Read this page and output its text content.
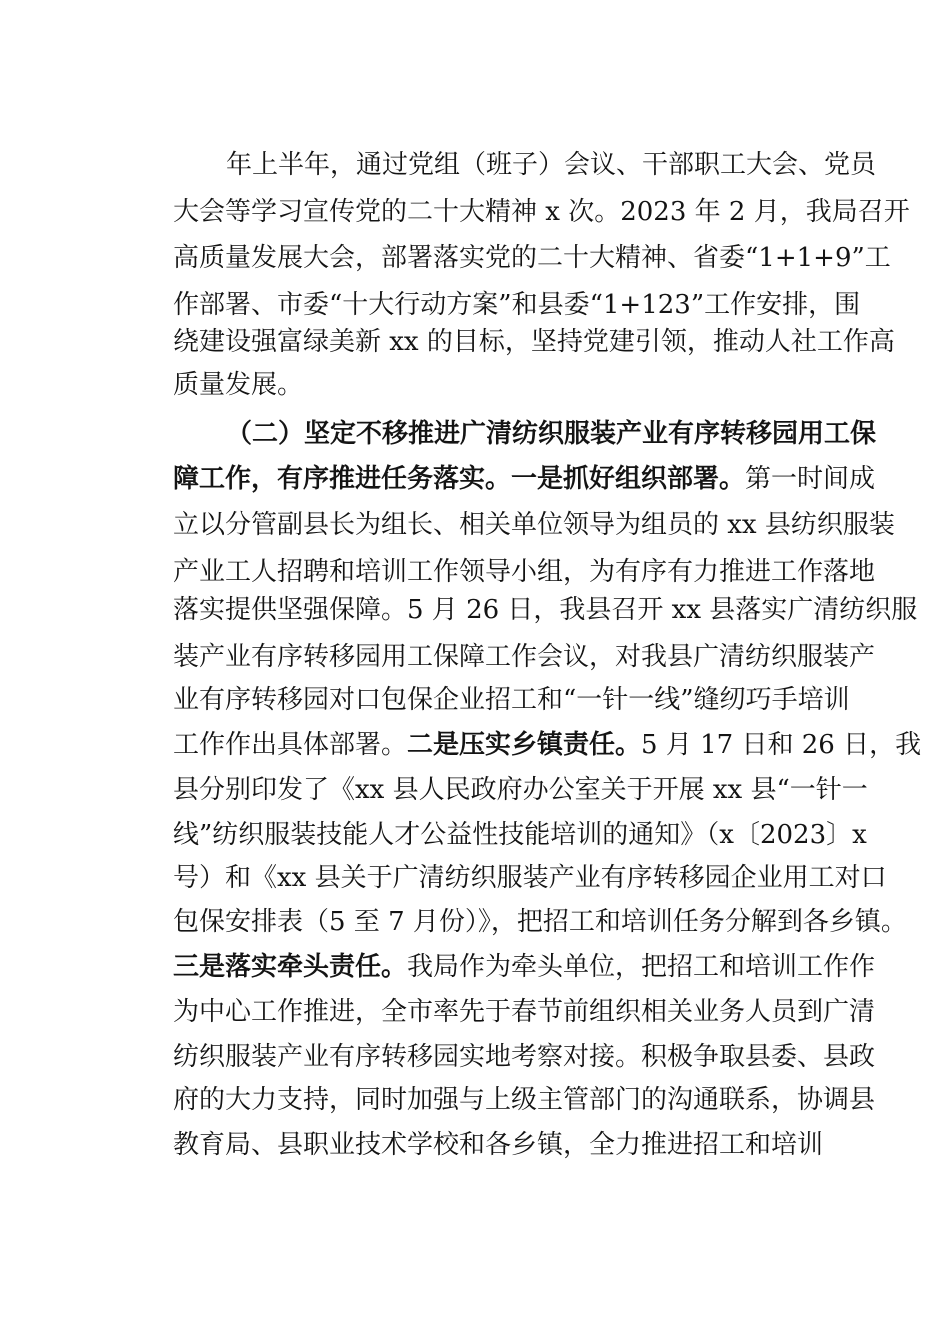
年上半年，通过党组（班子）会议、干部职工大会、党员
大会等学习宣传党的二十大精神 x 次。2023 年 2 月，我局召开
高质量发展大会，部署落实党的二十大精神、省委“1+1+9”工
作部署、市委“十大行动方案”和县委“1+123”工作安排，围
绕建设强富绿美新 xx 的目标，坚持党建引领，推动人社工作高
质量发展。
（二）坚定不移推进广清纺织服装产业有序转移园用工保
障工作，有序推进任务落实。一是抓好组织部署。第一时间成
立以分管副县长为组长、相关单位领导为组员的 xx 县纺织服装
产业工人招聘和培训工作领导小组，为有序有力推进工作落地
落实提供坚强保障。5 月 26 日，我县召开 xx 县落实广清纺织服
装产业有序转移园用工保障工作会议，对我县广清纺织服装产
业有序转移园对口包保企业招工和“一针一线”缝纫巧手培训
工作作出具体部署。二是压实乡镇责任。5 月 17 日和 26 日，我
县分别印发了《xx 县人民政府办公室关于开展 xx 县“一针一
线”纺织服装技能人才公益性技能培训的通知》（x〔2023〕x
号）和《xx 县关于广清纺织服装产业有序转移园企业用工对口
包保安排表（5 至 7 月份）》，把招工和培训任务分解到各乡镇。
三是落实牵头责任。我局作为牵头单位，把招工和培训工作作
为中心工作推进，全市率先于春节前组织相关业务人员到广清
纺织服装产业有序转移园实地考察对接。积极争取县委、县政
府的大力支持，同时加强与上级主管部门的沟通联系，协调县
教育局、县职业技术学校和各乡镇，全力推进招工和培训
